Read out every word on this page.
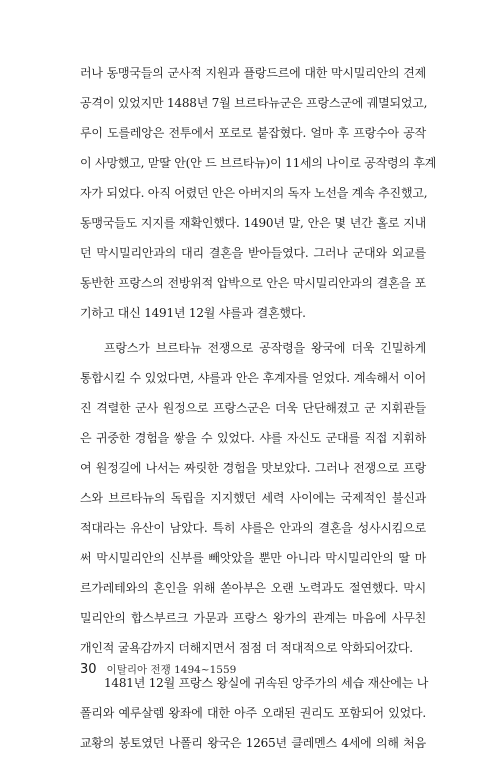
러나 동맹국들의 군사적 지원과 플랑드르에 대한 막시밀리안의 견제
공격이 있었지만 1488년 7월 브르타뉴군은 프랑스군에 궤멸되었고,
루이 도를레앙은 전투에서 포로로 붙잡혔다. 얼마 후 프랑수아 공작
이 사망했고, 맏딸 안(안 드 브르타뉴)이 11세의 나이로 공작령의 후계
자가 되었다. 아직 어렸던 안은 아버지의 독자 노선을 계속 추진했고,
동맹국들도 지지를 재확인했다. 1490년 말, 안은 몇 년간 홀로 지내
던 막시밀리안과의 대리 결혼을 받아들였다. 그러나 군대와 외교를
동반한 프랑스의 전방위적 압박으로 안은 막시밀리안과의 결혼을 포
기하고 대신 1491년 12월 샤를과 결혼했다.
프랑스가 브르타뉴 전쟁으로 공작령을 왕국에 더욱 긴밀하게
통합시킬 수 있었다면, 샤를과 안은 후계자를 얻었다. 계속해서 이어
진 격렬한 군사 원정으로 프랑스군은 더욱 단단해졌고 군 지휘관들
은 귀중한 경험을 쌓을 수 있었다. 샤를 자신도 군대를 직접 지휘하
여 원정길에 나서는 짜릿한 경험을 맛보았다. 그러나 전쟁으로 프랑
스와 브르타뉴의 독립을 지지했던 세력 사이에는 국제적인 불신과
적대라는 유산이 남았다. 특히 샤를은 안과의 결혼을 성사시킴으로
써 막시밀리안의 신부를 빼앗았을 뿐만 아니라 막시밀리안의 딸 마
르가레테와의 혼인을 위해 쏟아부은 오랜 노력과도 절연했다. 막시
밀리안의 합스부르크 가문과 프랑스 왕가의 관계는 마음에 사무친
개인적 굴욕감까지 더해지면서 점점 더 적대적으로 악화되어갔다.
1481년 12월 프랑스 왕실에 귀속된 앙주가의 세습 재산에는 나
폴리와 예루살렘 왕좌에 대한 아주 오래된 권리도 포함되어 있었다.
교황의 봉토였던 나폴리 왕국은 1265년 클레멘스 4세에 의해 처음
30 이탈리아 전쟁 1494~1559
